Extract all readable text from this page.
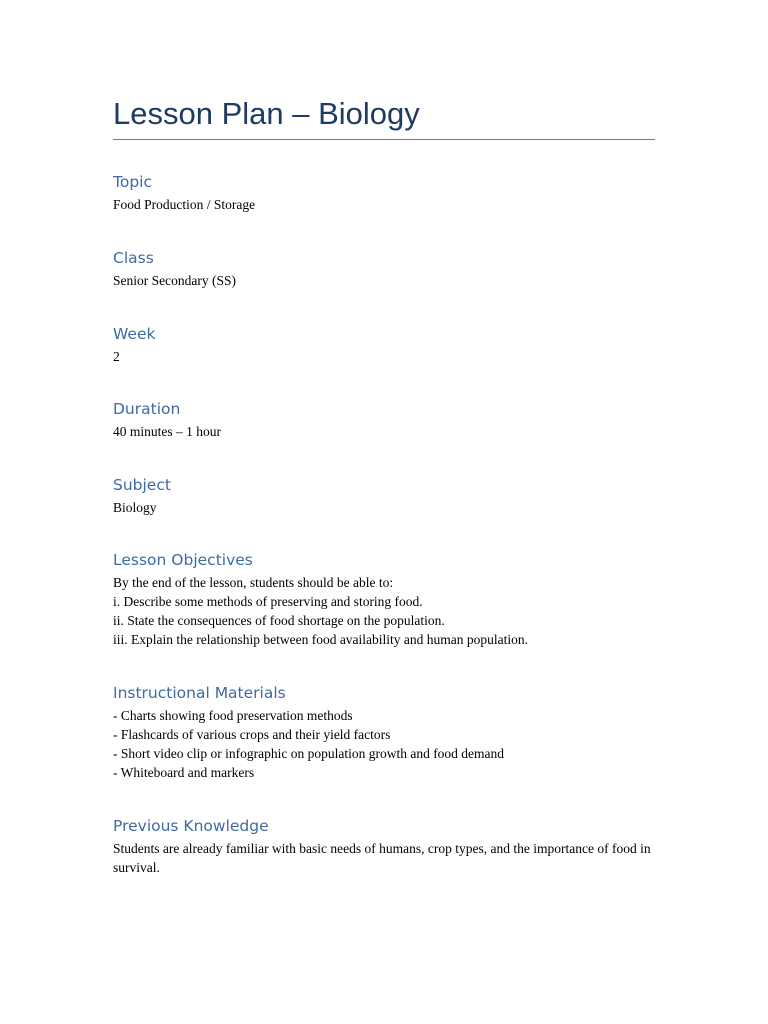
Lesson Plan – Biology
Topic
Food Production / Storage
Class
Senior Secondary (SS)
Week
2
Duration
40 minutes – 1 hour
Subject
Biology
Lesson Objectives
By the end of the lesson, students should be able to:
i. Describe some methods of preserving and storing food.
ii. State the consequences of food shortage on the population.
iii. Explain the relationship between food availability and human population.
Instructional Materials
- Charts showing food preservation methods
- Flashcards of various crops and their yield factors
- Short video clip or infographic on population growth and food demand
- Whiteboard and markers
Previous Knowledge
Students are already familiar with basic needs of humans, crop types, and the importance of food in survival.
